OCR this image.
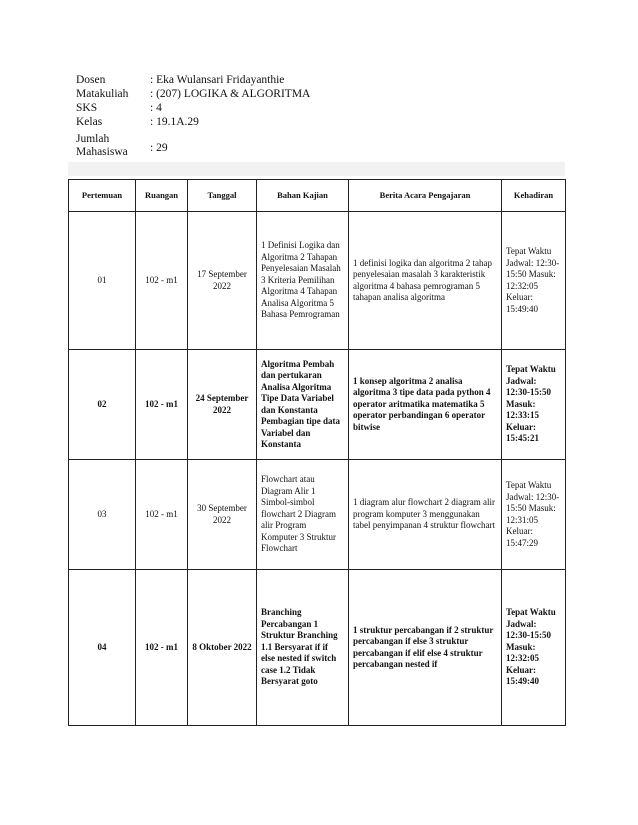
Dosen	: Eka Wulansari Fridayanthie
Matakuliah	: (207) LOGIKA & ALGORITMA
SKS	: 4
Kelas	: 19.1A.29
Jumlah
Mahasiswa	: 29
Pertemuan	Ruangan	Tanggal	Bahan Kajian	Berita Acara Pengajaran	Kehadiran
01	102 - m1	17 September 2022	1 Definisi Logika dan Algoritma 2 Tahapan Penyelesaian Masalah 3 Kriteria Pemilihan Algoritma 4 Tahapan Analisa Algoritma 5 Bahasa Pemrograman	1 definisi logika dan algoritma 2 tahap penyelesaian masalah 3 karakteristik algoritma 4 bahasa pemrograman 5 tahapan analisa algoritma	Tepat Waktu Jadwal: 12:30-15:50 Masuk: 12:32:05 Keluar: 15:49:40
02	102 - m1	24 September 2022	Algoritma Pembah dan pertukaran Analisa Algoritma Tipe Data Variabel dan Konstanta Pembagian tipe data Variabel dan Konstanta	1 konsep algoritma 2 analisa algoritma 3 tipe data pada python 4 operator aritmatika matematika 5 operator perbandingan 6 operator bitwise	Tepat Waktu Jadwal: 12:30-15:50 Masuk: 12:33:15 Keluar: 15:45:21
03	102 - m1	30 September 2022	Flowchart atau Diagram Alir 1 Simbol-simbol flowchart 2 Diagram alir Program Komputer 3 Struktur Flowchart	1 diagram alur flowchart 2 diagram alir program komputer 3 menggunakan tabel penyimpanan 4 struktur flowchart	Tepat Waktu Jadwal: 12:30-15:50 Masuk: 12:31:05 Keluar: 15:47:29
04	102 - m1	8 Oktober 2022	Branching Percabangan 1 Struktur Branching 1.1 Bersyarat if if else nested if switch case 1.2 Tidak Bersyarat goto	1 struktur percabangan if 2 struktur percabangan if else 3 struktur percabangan if elif else 4 struktur percabangan nested if	Tepat Waktu Jadwal: 12:30-15:50 Masuk: 12:32:05 Keluar: 15:49:40
